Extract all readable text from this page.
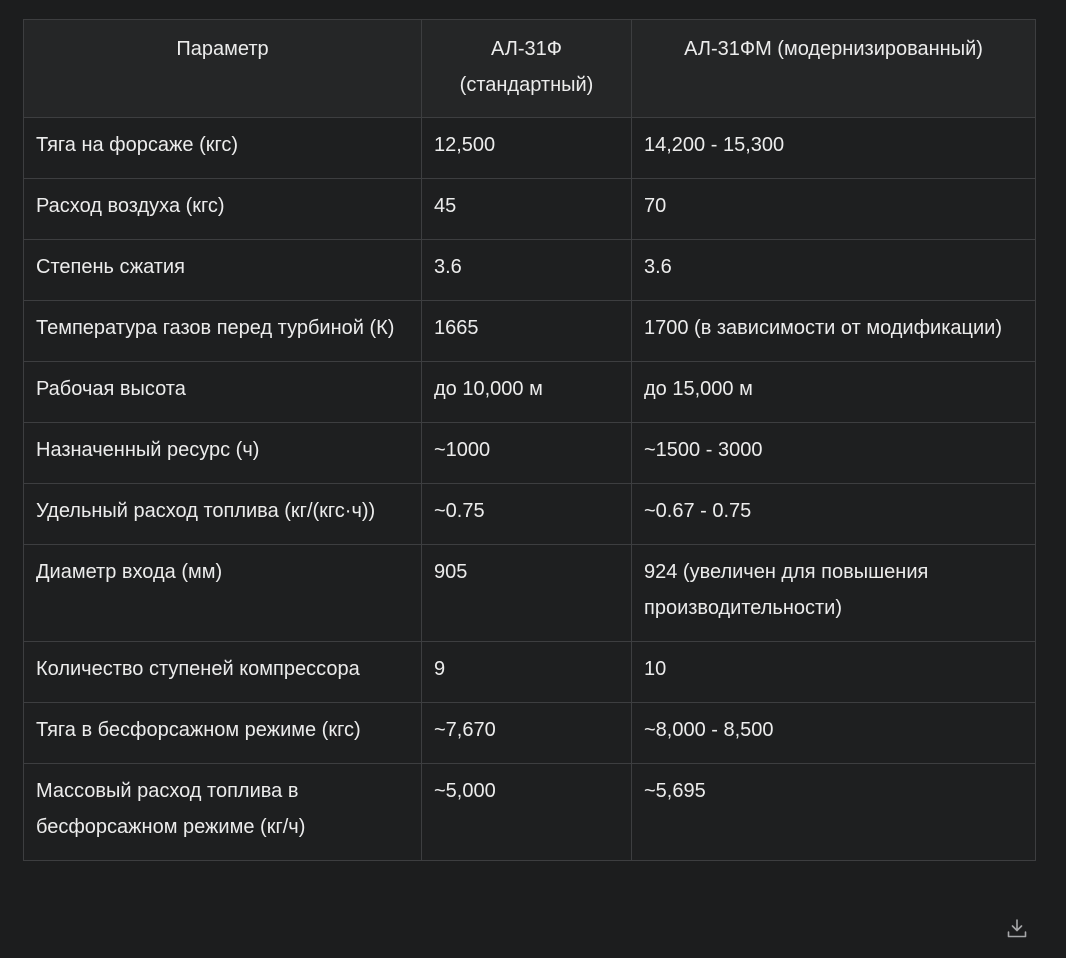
Параметр	АЛ-31Ф (стандартный)	АЛ-31ФМ (модернизированный)
Тяга на форсаже (кгс)	12,500	14,200 - 15,300
Расход воздуха (кгс)	45	70
Степень сжатия	3.6	3.6
Температура газов перед турбиной (К)	1665	1700 (в зависимости от модификации)
Рабочая высота	до 10,000 м	до 15,000 м
Назначенный ресурс (ч)	~1000	~1500 - 3000
Удельный расход топлива (кг/(кгс·ч))	~0.75	~0.67 - 0.75
Диаметр входа (мм)	905	924 (увеличен для повышения производительности)
Количество ступеней компрессора	9	10
Тяга в бесфорсажном режиме (кгс)	~7,670	~8,000 - 8,500
Массовый расход топлива в бесфорсажном режиме (кг/ч)	~5,000	~5,695
